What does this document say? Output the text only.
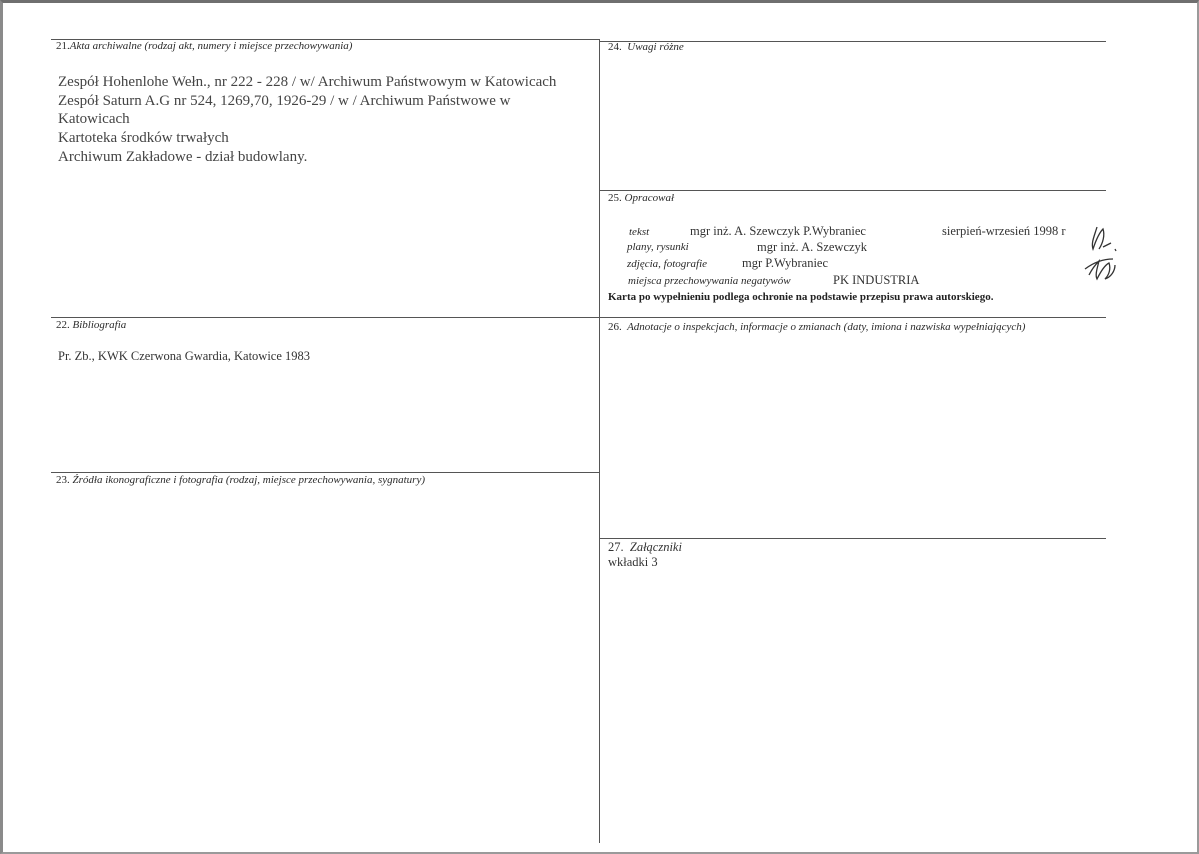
21.Akta archiwalne (rodzaj akt, numery i miejsce przechowywania)
Zespół Hohenlohe Wełn., nr 222 - 228 / w/ Archiwum Państwowym w Katowicach
Zespół Saturn A.G nr 524, 1269,70, 1926-29 / w / Archiwum Państwowe w
Katowicach
Kartoteka środków trwałych
Archiwum Zakładowe - dział budowlany.
22. Bibliografia
Pr. Zb., KWK Czerwona Gwardia, Katowice 1983
23. Źródła ikonograficzne i fotografia (rodzaj, miejsce przechowywania, sygnatury)
24. Uwagi różne
25. Opracował
tekst	mgr inż. A. Szewczyk P.Wybraniec	sierpień-wrzesień 1998 r
plany, rysunki	mgr inż. A. Szewczyk
zdjęcia, fotografie	mgr P.Wybraniec
miejsca przechowywania negatywów	PK INDUSTRIA
Karta po wypełnieniu podlega ochronie na podstawie przepisu prawa autorskiego.
26. Adnotacje o inspekcjach, informacje o zmianach (daty, imiona i nazwiska wypełniających)
27. Załączniki
wkładki 3
